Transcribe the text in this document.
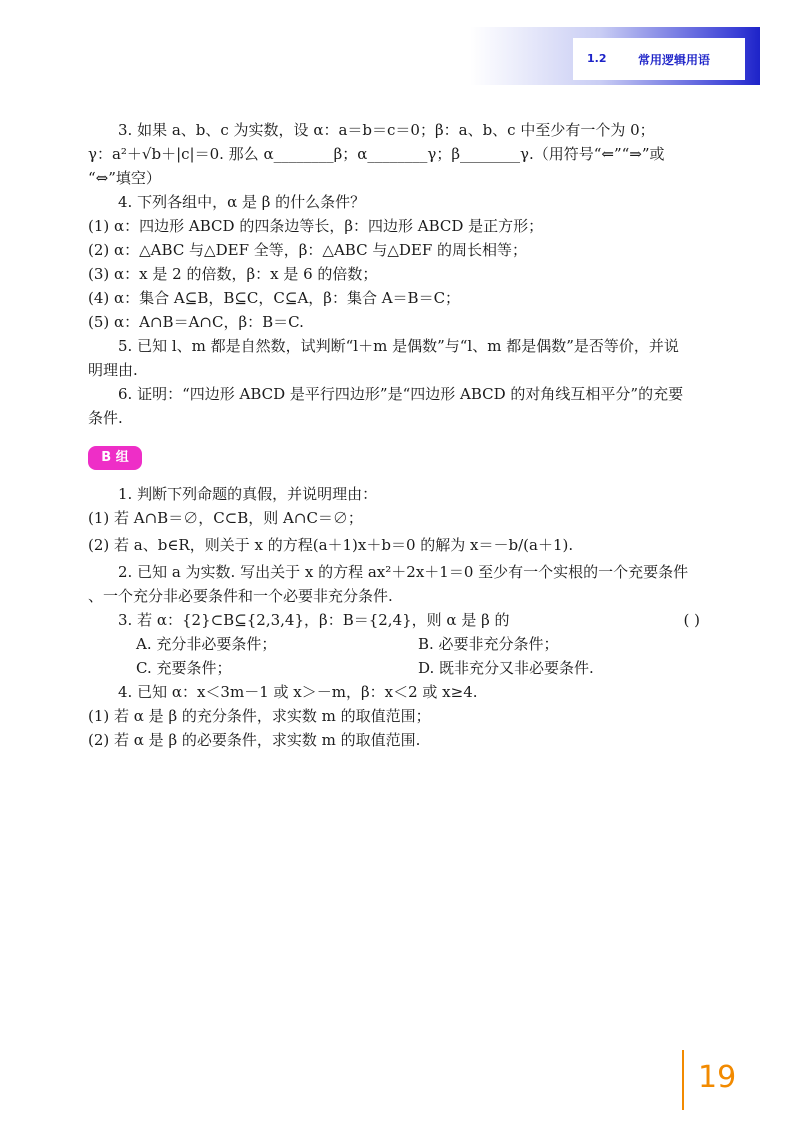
1.2	常用逻辑用语
3. 如果 a、b、c 为实数，设 α：a＝b＝c＝0；β：a、b、c 中至少有一个为 0；
γ：a²＋√b＋|c|＝0. 那么 α________β；α________γ；β________γ.（用符号“⇐”“⇒”或
“⇔”填空）
4. 下列各组中，α 是 β 的什么条件？
(1) α：四边形 ABCD 的四条边等长，β：四边形 ABCD 是正方形；
(2) α：△ABC 与△DEF 全等，β：△ABC 与△DEF 的周长相等；
(3) α：x 是 2 的倍数，β：x 是 6 的倍数；
(4) α：集合 A⊆B，B⊆C，C⊆A，β：集合 A＝B＝C；
(5) α：A∩B＝A∩C，β：B＝C.
5. 已知 l、m 都是自然数，试判断“l＋m 是偶数”与“l、m 都是偶数”是否等价，并说
明理由.
6. 证明：“四边形 ABCD 是平行四边形”是“四边形 ABCD 的对角线互相平分”的充要
条件.
B 组
1. 判断下列命题的真假，并说明理由：
(1) 若 A∩B＝∅，C⊂B，则 A∩C＝∅；
(2) 若 a、b∈R，则关于 x 的方程(a＋1)x＋b＝0 的解为 x＝－b/(a＋1).
2. 已知 a 为实数. 写出关于 x 的方程 ax²＋2x＋1＝0 至少有一个实根的一个充要条件
、一个充分非必要条件和一个必要非充分条件.
3. 若 α：{2}⊂B⊆{2,3,4}，β：B＝{2,4}，则 α 是 β 的	( )
A. 充分非必要条件；	B. 必要非充分条件；
C. 充要条件；	D. 既非充分又非必要条件.
4. 已知 α：x＜3m－1 或 x＞－m，β：x＜2 或 x≥4.
(1) 若 α 是 β 的充分条件，求实数 m 的取值范围；
(2) 若 α 是 β 的必要条件，求实数 m 的取值范围.
19
